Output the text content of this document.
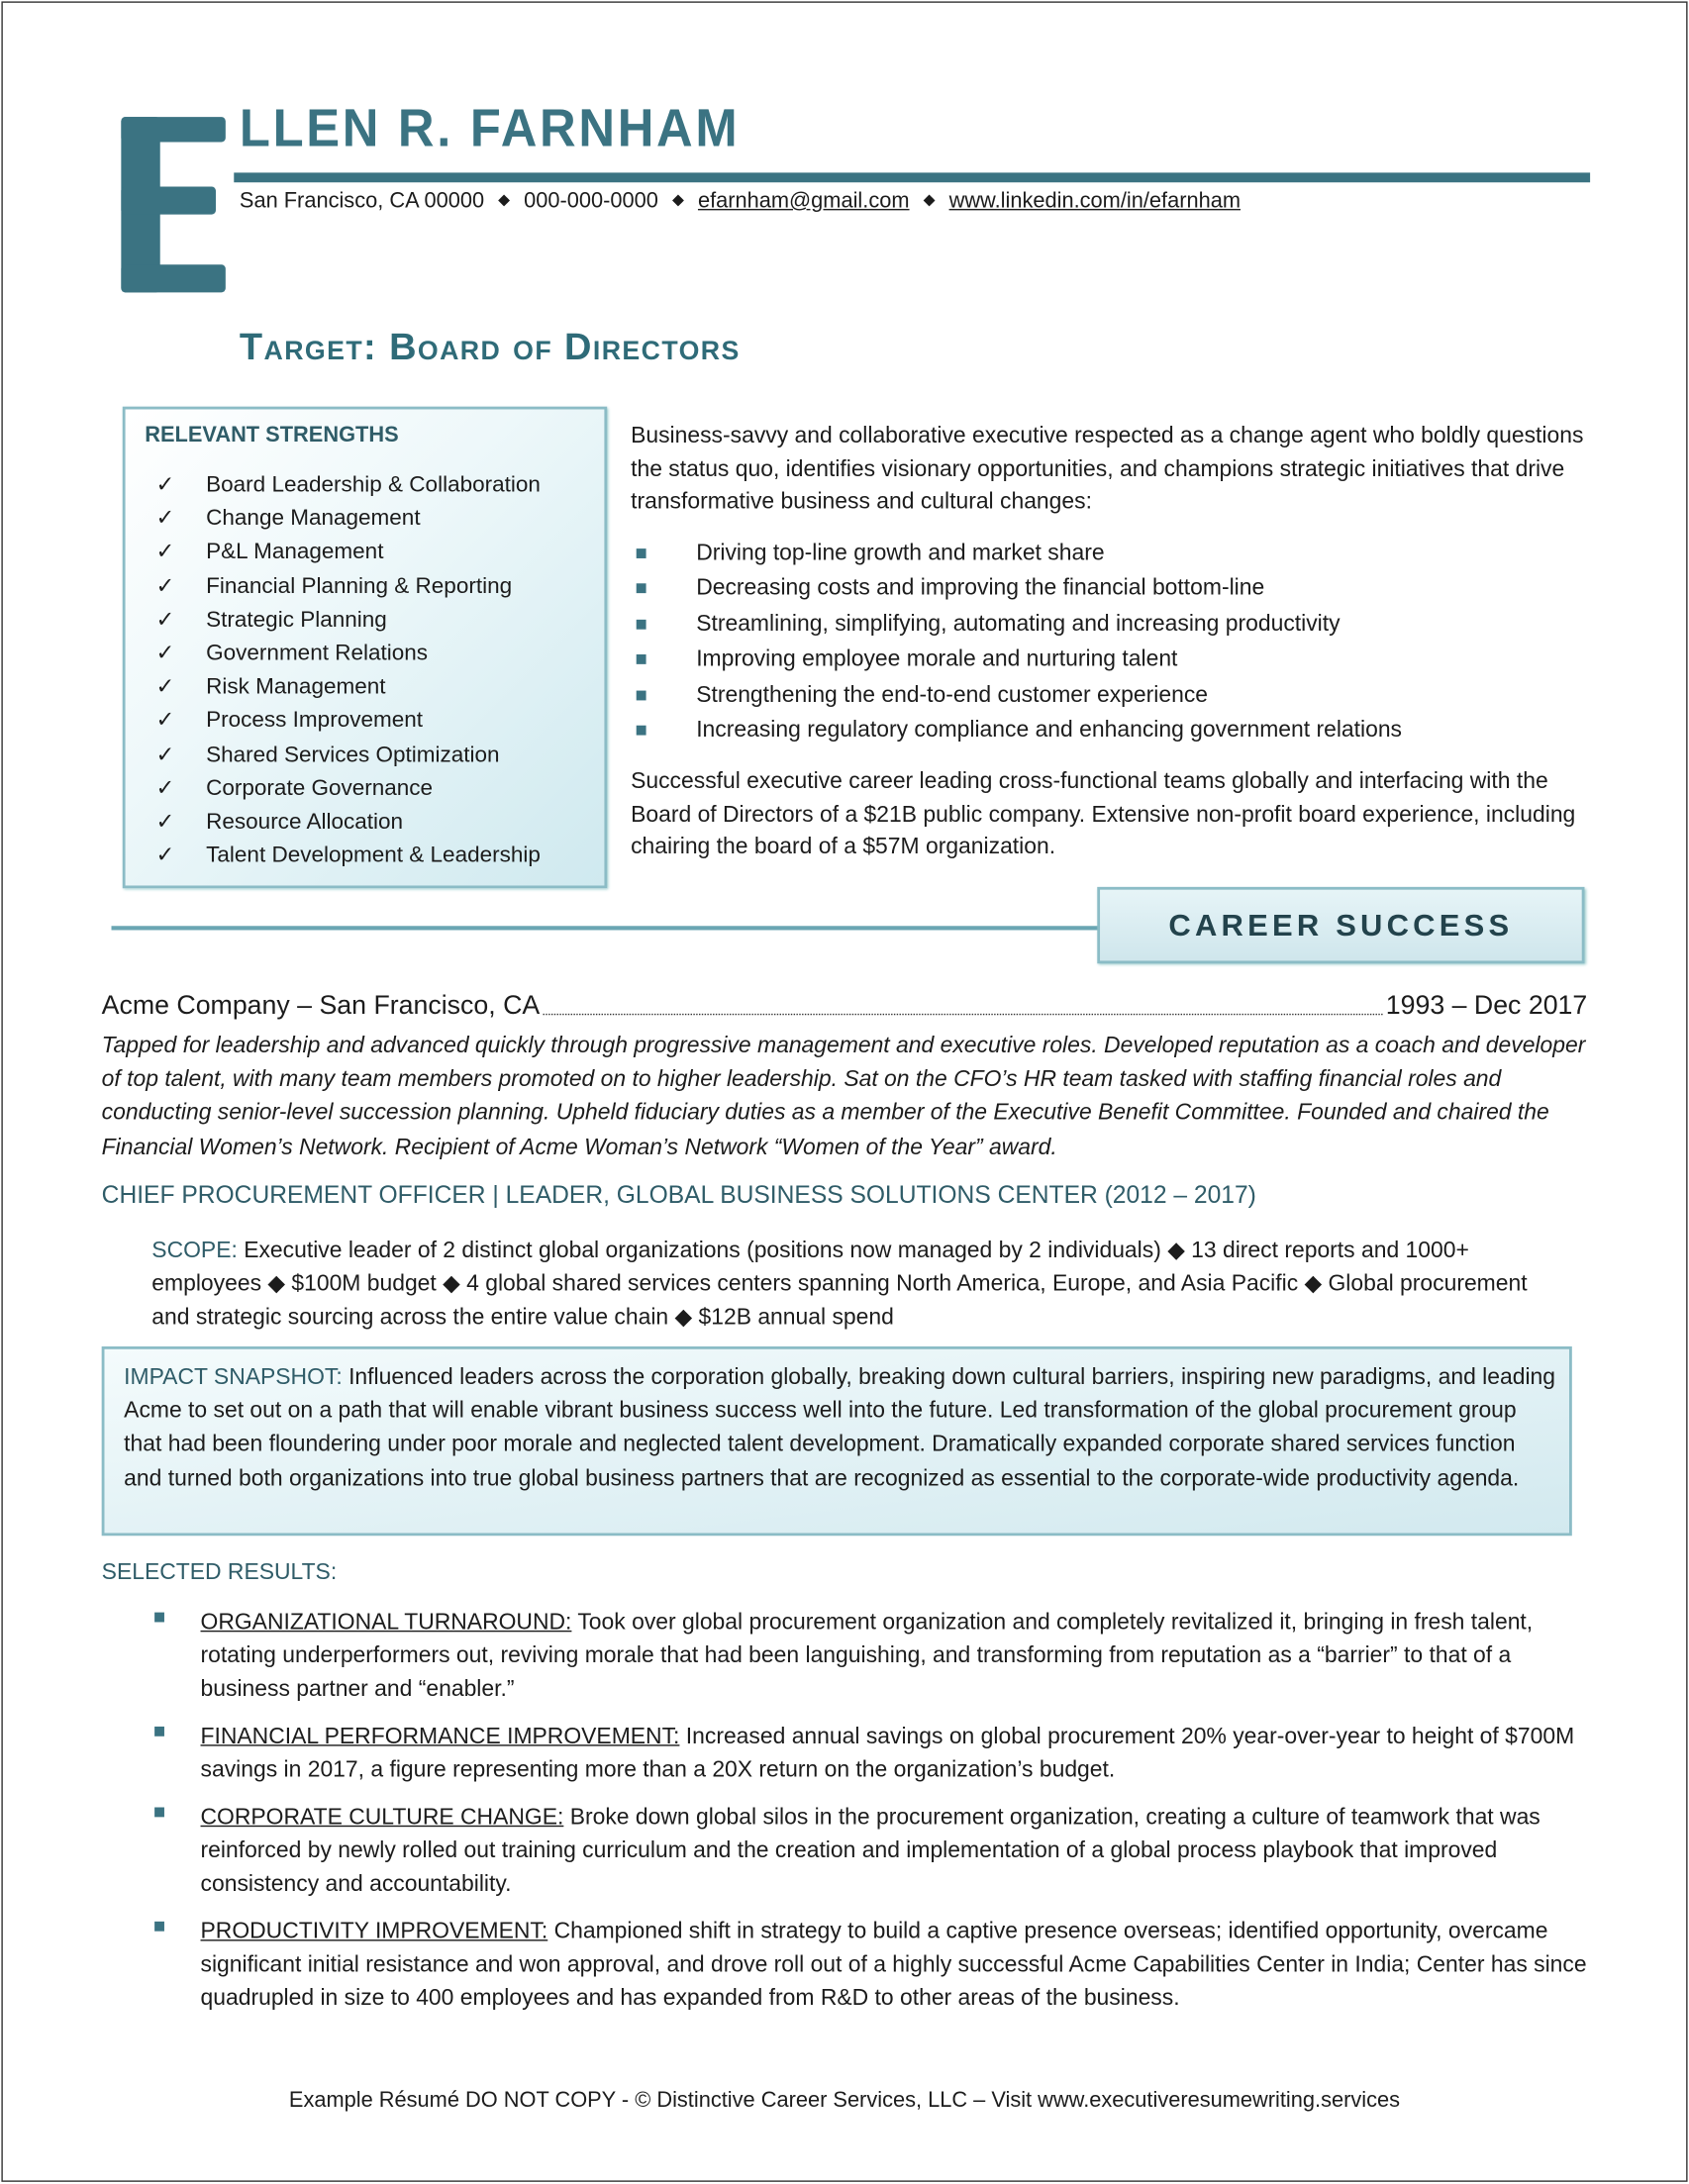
LLEN R. FARNHAM
San Francisco, CA 00000 ◆ 000-000-0000 ◆ efarnham@gmail.com ◆ www.linkedin.com/in/efarnham
Target: Board of Directors
RELEVANT STRENGTHS
✓ Board Leadership & Collaboration
✓ Change Management
✓ P&L Management
✓ Financial Planning & Reporting
✓ Strategic Planning
✓ Government Relations
✓ Risk Management
✓ Process Improvement
✓ Shared Services Optimization
✓ Corporate Governance
✓ Resource Allocation
✓ Talent Development & Leadership
Business-savvy and collaborative executive respected as a change agent who boldly questions the status quo, identifies visionary opportunities, and champions strategic initiatives that drive transformative business and cultural changes:
Driving top-line growth and market share
Decreasing costs and improving the financial bottom-line
Streamlining, simplifying, automating and increasing productivity
Improving employee morale and nurturing talent
Strengthening the end-to-end customer experience
Increasing regulatory compliance and enhancing government relations
Successful executive career leading cross-functional teams globally and interfacing with the Board of Directors of a $21B public company. Extensive non-profit board experience, including chairing the board of a $57M organization.
CAREER SUCCESS
Acme Company – San Francisco, CA	1993 – Dec 2017
Tapped for leadership and advanced quickly through progressive management and executive roles. Developed reputation as a coach and developer of top talent, with many team members promoted on to higher leadership. Sat on the CFO’s HR team tasked with staffing financial roles and conducting senior-level succession planning. Upheld fiduciary duties as a member of the Executive Benefit Committee. Founded and chaired the Financial Women’s Network. Recipient of Acme Woman’s Network “Women of the Year” award.
CHIEF PROCUREMENT OFFICER | LEADER, GLOBAL BUSINESS SOLUTIONS CENTER (2012 – 2017)
SCOPE: Executive leader of 2 distinct global organizations (positions now managed by 2 individuals) ◆ 13 direct reports and 1000+ employees ◆ $100M budget ◆ 4 global shared services centers spanning North America, Europe, and Asia Pacific ◆ Global procurement and strategic sourcing across the entire value chain ◆ $12B annual spend

IMPACT SNAPSHOT: Influenced leaders across the corporation globally, breaking down cultural barriers, inspiring new paradigms, and leading Acme to set out on a path that will enable vibrant business success well into the future. Led transformation of the global procurement group that had been floundering under poor morale and neglected talent development. Dramatically expanded corporate shared services function and turned both organizations into true global business partners that are recognized as essential to the corporate-wide productivity agenda.

SELECTED RESULTS:

ORGANIZATIONAL TURNAROUND: Took over global procurement organization and completely revitalized it, bringing in fresh talent, rotating underperformers out, reviving morale that had been languishing, and transforming from reputation as a “barrier” to that of a business partner and “enabler.”

FINANCIAL PERFORMANCE IMPROVEMENT: Increased annual savings on global procurement 20% year-over-year to height of $700M savings in 2017, a figure representing more than a 20X return on the organization’s budget.

CORPORATE CULTURE CHANGE: Broke down global silos in the procurement organization, creating a culture of teamwork that was reinforced by newly rolled out training curriculum and the creation and implementation of a global process playbook that improved consistency and accountability.

PRODUCTIVITY IMPROVEMENT: Championed shift in strategy to build a captive presence overseas; identified opportunity, overcame significant initial resistance and won approval, and drove roll out of a highly successful Acme Capabilities Center in India; Center has since quadrupled in size to 400 employees and has expanded from R&D to other areas of the business.

Example Résumé DO NOT COPY - © Distinctive Career Services, LLC – Visit www.executiveresumewriting.services
